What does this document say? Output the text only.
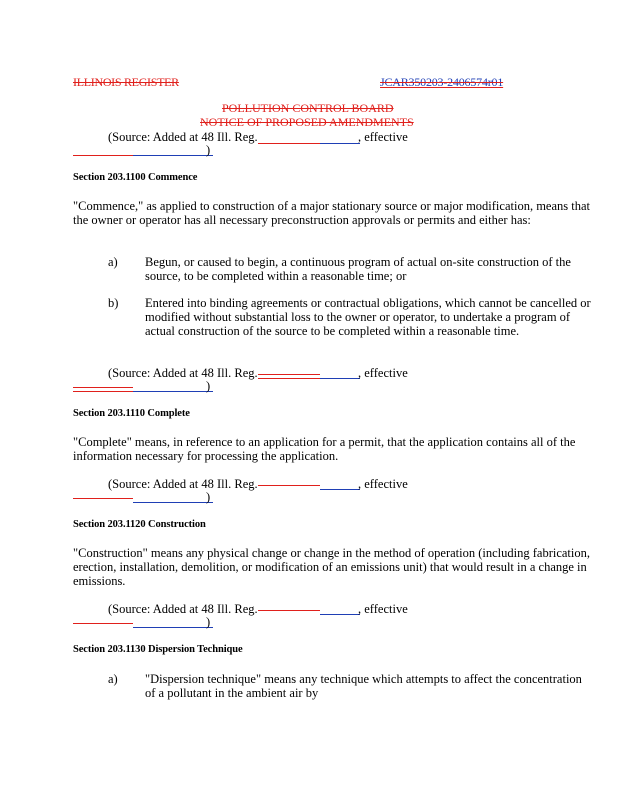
ILLINOIS REGISTER	JCAR350203-2406574r01
POLLUTION CONTROL BOARD
NOTICE OF PROPOSED AMENDMENTS
(Source: Added at 48 Ill. Reg.	, effective
)
Section 203.1100 Commence
"Commence," as applied to construction of a major stationary source or major modification, means that the owner or operator has all necessary preconstruction approvals or permits and either has:
a) Begun, or caused to begin, a continuous program of actual on-site construction of the source, to be completed within a reasonable time; or
b) Entered into binding agreements or contractual obligations, which cannot be cancelled or modified without substantial loss to the owner or operator, to undertake a program of actual construction of the source to be completed within a reasonable time.
(Source: Added at 48 Ill. Reg.	, effective
)
Section 203.1110 Complete
"Complete" means, in reference to an application for a permit, that the application contains all of the information necessary for processing the application.
(Source: Added at 48 Ill. Reg.	, effective
)
Section 203.1120 Construction
"Construction" means any physical change or change in the method of operation (including fabrication, erection, installation, demolition, or modification of an emissions unit) that would result in a change in emissions.
(Source: Added at 48 Ill. Reg.	, effective
)
Section 203.1130 Dispersion Technique
a) "Dispersion technique" means any technique which attempts to affect the concentration of a pollutant in the ambient air by
